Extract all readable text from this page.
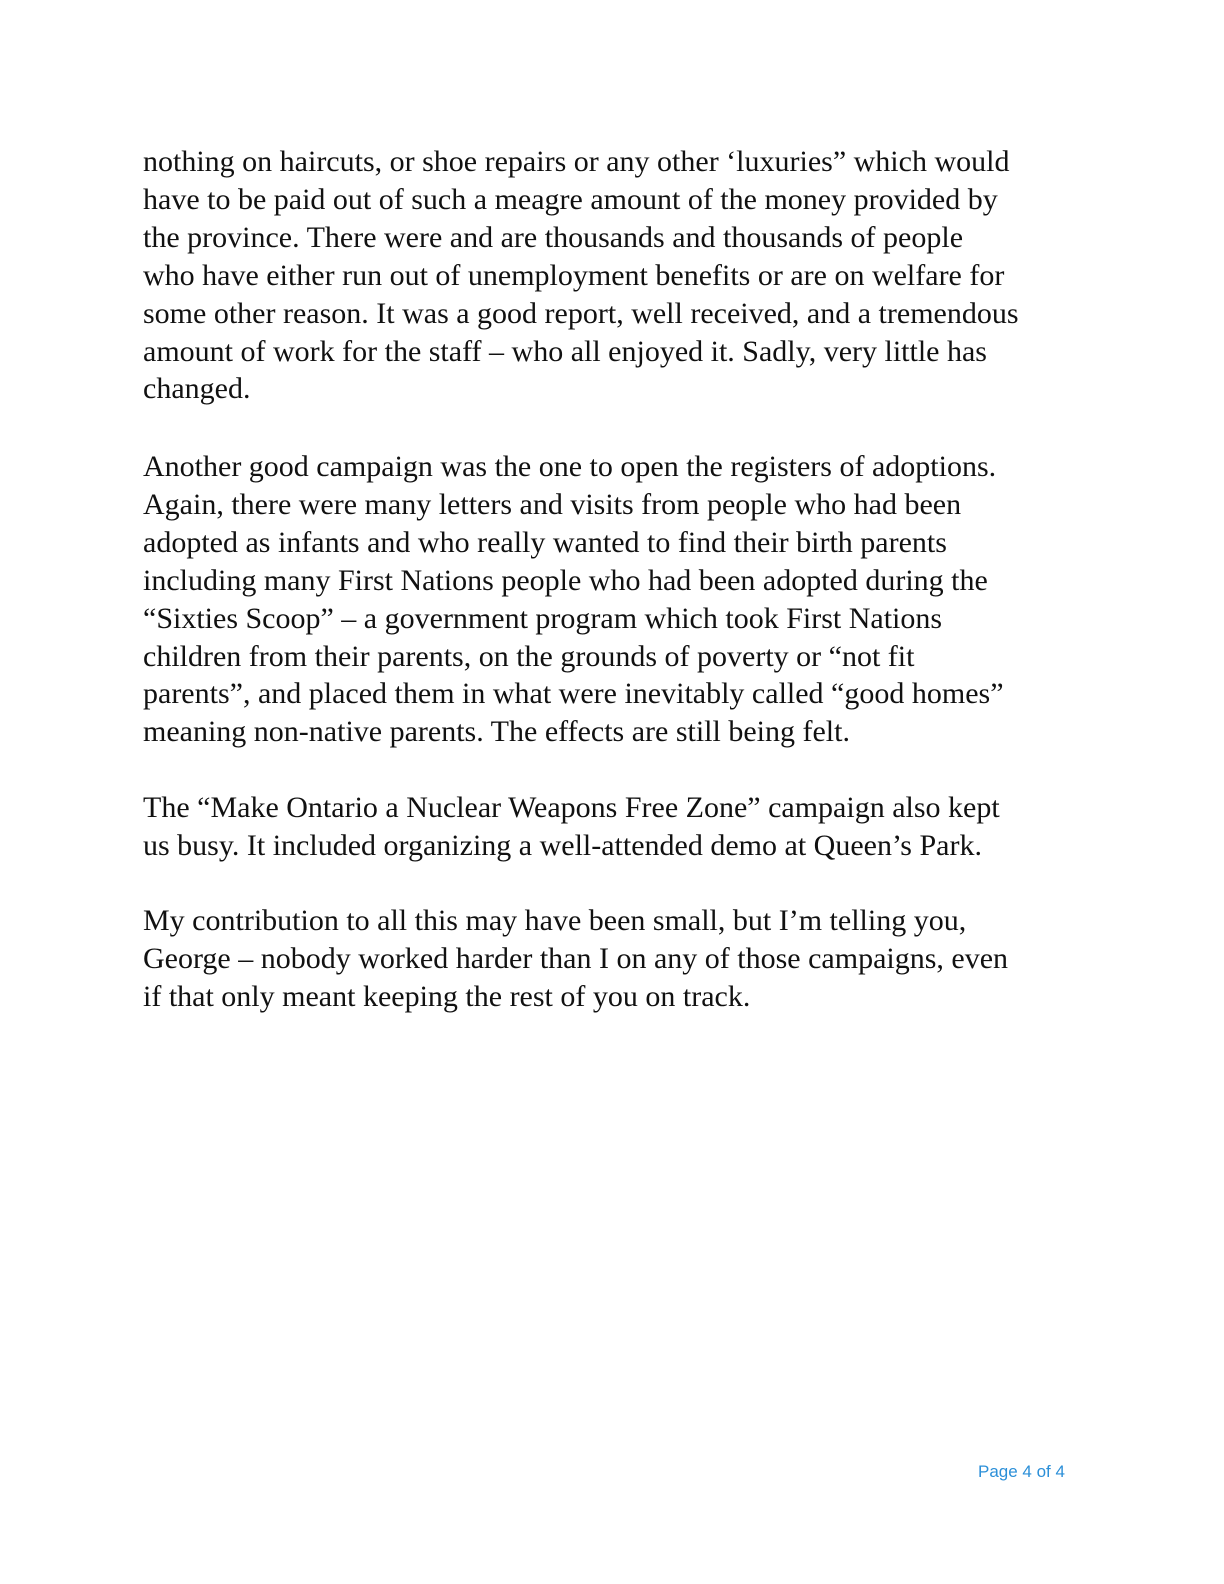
nothing on haircuts, or shoe repairs or any other ‘luxuries” which would
have to be paid out of such a meagre amount of the money provided by
the province. There were and are thousands and thousands of people
who have either run out of unemployment benefits or are on welfare for
some other reason. It was a good report, well received, and a tremendous
amount of work for the staff – who all enjoyed it. Sadly, very little has
changed.
Another good campaign was the one to open the registers of adoptions.
Again, there were many letters and visits from people who had been
adopted as infants and who really wanted to find their birth parents
including many First Nations people who had been adopted during the
“Sixties Scoop” – a government program which took First Nations
children from their parents, on the grounds of poverty or “not fit
parents”, and placed them in what were inevitably called “good homes”
meaning non-native parents. The effects are still being felt.
The “Make Ontario a Nuclear Weapons Free Zone” campaign also kept
us busy. It included organizing a well-attended demo at Queen’s Park.
My contribution to all this may have been small, but I’m telling you,
George – nobody worked harder than I on any of those campaigns, even
if that only meant keeping the rest of you on track.
Page 4 of 4
